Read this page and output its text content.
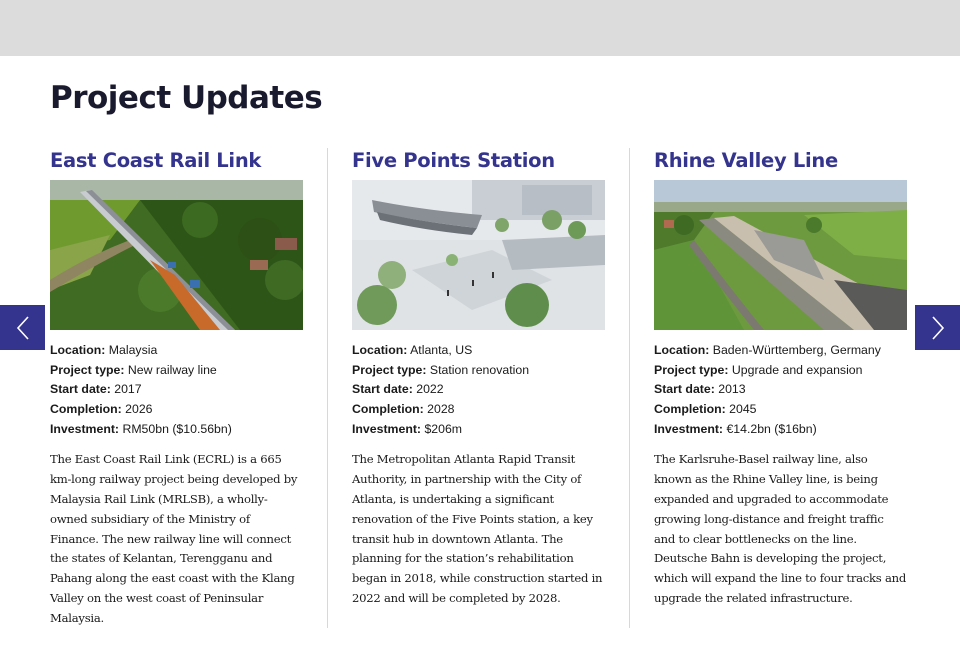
Project Updates
East Coast Rail Link
Location: Malaysia
Project type: New railway line
Start date: 2017
Completion: 2026
Investment: RM50bn ($10.56bn)

The East Coast Rail Link (ECRL) is a 665 km-long railway project being developed by Malaysia Rail Link (MRLSB), a wholly-owned subsidiary of the Ministry of Finance. The new railway line will connect the states of Kelantan, Terengganu and Pahang along the east coast with the Klang Valley on the west coast of Peninsular Malaysia.

Five Points Station
Location: Atlanta, US
Project type: Station renovation
Start date: 2022
Completion: 2028
Investment: $206m

The Metropolitan Atlanta Rapid Transit Authority, in partnership with the City of Atlanta, is undertaking a significant renovation of the Five Points station, a key transit hub in downtown Atlanta. The planning for the station’s rehabilitation began in 2018, while construction started in 2022 and will be completed by 2028.

Rhine Valley Line
Location: Baden-Württemberg, Germany
Project type: Upgrade and expansion
Start date: 2013
Completion: 2045
Investment: €14.2bn ($16bn)

The Karlsruhe-Basel railway line, also known as the Rhine Valley line, is being expanded and upgraded to accommodate growing long-distance and freight traffic and to clear bottlenecks on the line. Deutsche Bahn is developing the project, which will expand the line to four tracks and upgrade the related infrastructure.
